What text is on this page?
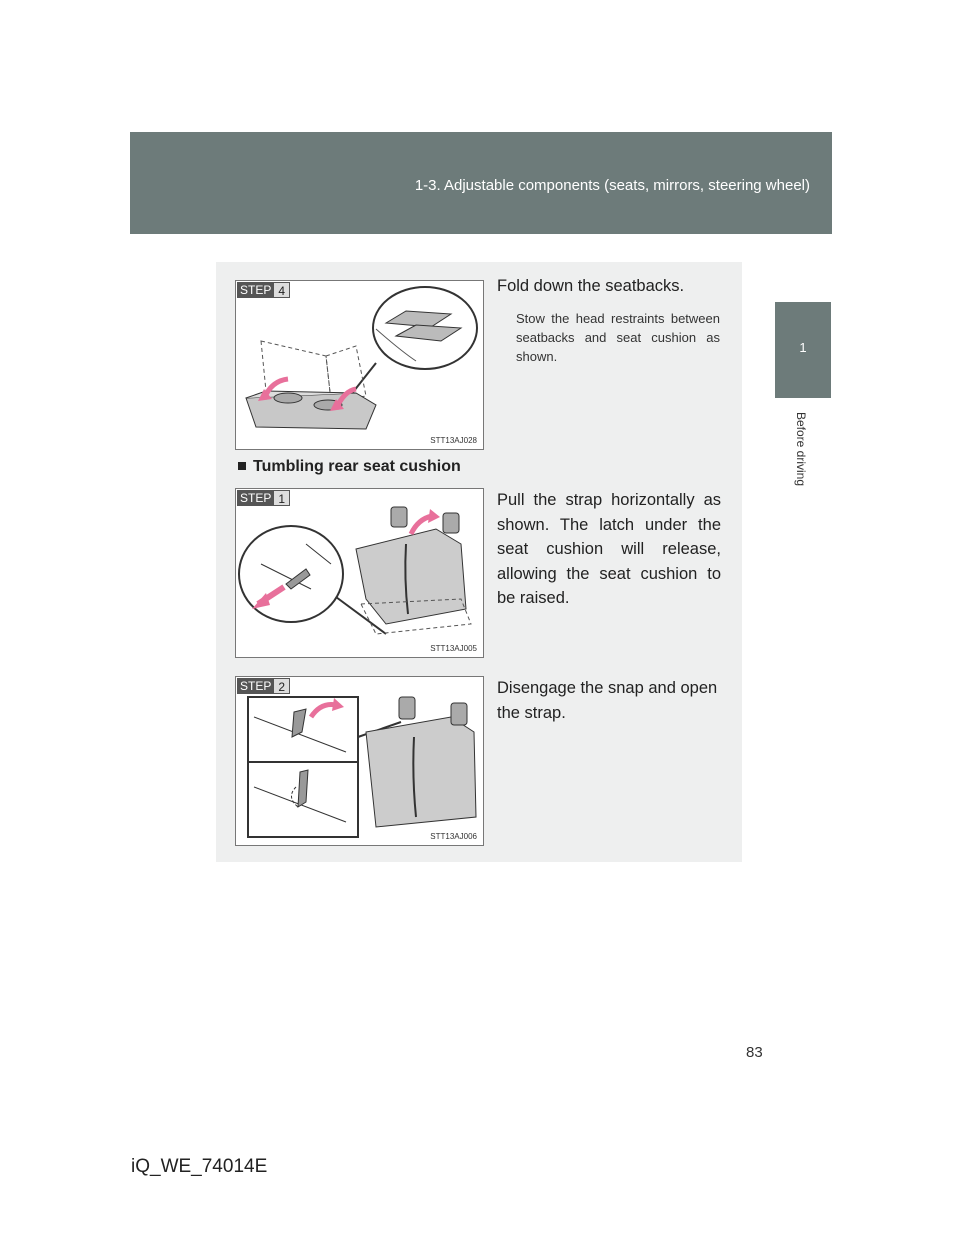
1-3. Adjustable components (seats, mirrors, steering wheel)
1
Before driving
STEP 4
STT13AJ028
Fold down the seatbacks.
Stow the head restraints between seatbacks and seat cushion as shown.
Tumbling rear seat cushion
STEP 1
STT13AJ005
Pull the strap horizontally as shown. The latch under the seat cushion will release, allowing the seat cushion to be raised.
STEP 2
STT13AJ006
Disengage the snap and open the strap.
83
iQ_WE_74014E
